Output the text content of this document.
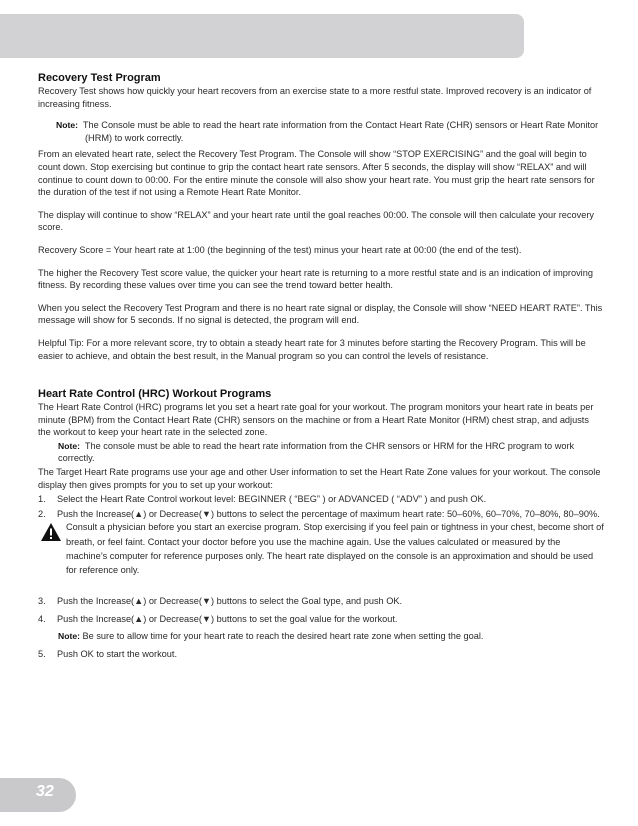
Recovery Test Program

Recovery Test shows how quickly your heart recovers from an exercise state to a more restful state. Improved recovery is an indicator of increasing fitness.

Note: The Console must be able to read the heart rate information from the Contact Heart Rate (CHR) sensors or Heart Rate Monitor (HRM) to work correctly.

From an elevated heart rate, select the Recovery Test Program. The Console will show “STOP EXERCISING” and the goal will begin to count down. Stop exercising but continue to grip the contact heart rate sensors. After 5 seconds, the display will show “RELAX” and will continue to count down to 00:00. For the entire minute the console will also show your heart rate. You must grip the heart rate sensors for the duration of the test if not using a Remote Heart Rate Monitor.

The display will continue to show “RELAX” and your heart rate until the goal reaches 00:00. The console will then calculate your recovery score.

Recovery Score = Your heart rate at 1:00 (the beginning of the test) minus your heart rate at 00:00 (the end of the test).

The higher the Recovery Test score value, the quicker your heart rate is returning to a more restful state and is an indication of improving fitness. By recording these values over time you can see the trend toward better health.

When you select the Recovery Test Program and there is no heart rate signal or display, the Console will show “NEED HEART RATE”. This message will show for 5 seconds. If no signal is detected, the program will end.

Helpful Tip: For a more relevant score, try to obtain a steady heart rate for 3 minutes before starting the Recovery Program. This will be easier to achieve, and obtain the best result, in the Manual program so you can control the levels of resistance.

Heart Rate Control (HRC) Workout Programs

The Heart Rate Control (HRC) programs let you set a heart rate goal for your workout. The program monitors your heart rate in beats per minute (BPM) from the Contact Heart Rate (CHR) sensors on the machine or from a Heart Rate Monitor (HRM) chest strap, and adjusts the workout to keep your heart rate in the selected zone.

Note: The console must be able to read the heart rate information from the CHR sensors or HRM for the HRC program to work correctly.

The Target Heart Rate programs use your age and other User information to set the Heart Rate Zone values for your workout. The console display then gives prompts for you to set up your workout:

1. Select the Heart Rate Control workout level: BEGINNER ( “BEG” ) or ADVANCED ( “ADV” ) and push OK.

2. Push the Increase(▲) or Decrease(▼) buttons to select the percentage of maximum heart rate: 50–60%, 60–70%, 70–80%, 80–90%.

Consult a physician before you start an exercise program. Stop exercising if you feel pain or tightness in your chest, become short of breath, or feel faint. Contact your doctor before you use the machine again. Use the values calculated or measured by the machine’s computer for reference purposes only. The heart rate displayed on the console is an approximation and should be used for reference only.

3. Push the Increase(▲) or Decrease(▼) buttons to select the Goal type, and push OK.

4. Push the Increase(▲) or Decrease(▼) buttons to set the goal value for the workout.

Note: Be sure to allow time for your heart rate to reach the desired heart rate zone when setting the goal.

5. Push OK to start the workout.

32
